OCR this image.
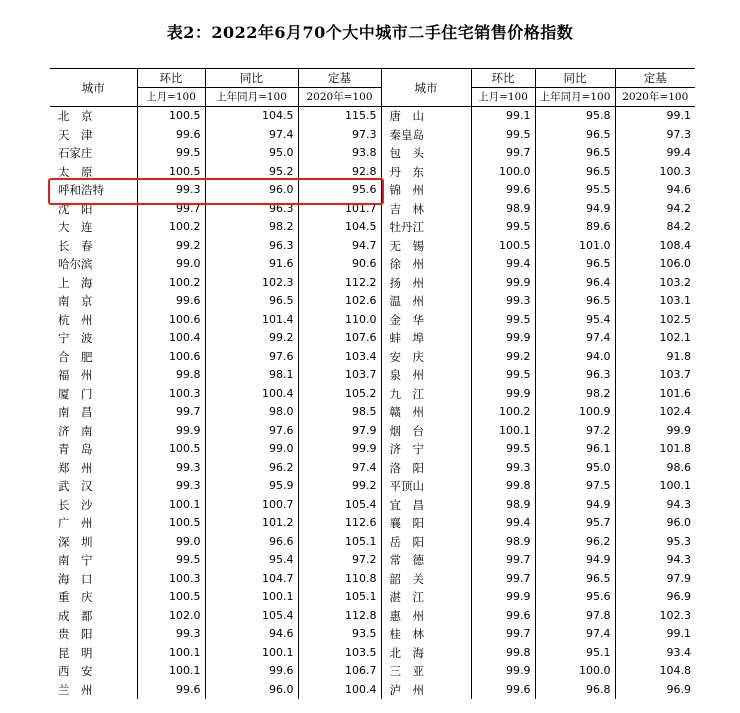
表2：2022年6月70个大中城市二手住宅销售价格指数
城市	环比	同比	定基	城市	环比	同比	定基
	上月=100	上年同月=100	2020年=100		上月=100	上年同月=100	2020年=100
北　京	100.5	104.5	115.5	唐　山	99.1	95.8	99.1
天　津	99.6	97.4	97.3	秦皇岛	99.5	96.5	97.3
石家庄	99.5	95.0	93.8	包　头	99.7	96.5	99.4
太　原	100.5	95.2	92.8	丹　东	100.0	96.5	100.3
呼和浩特	99.3	96.0	95.6	锦　州	99.6	95.5	94.6
沈　阳	99.7	96.3	101.7	吉　林	98.9	94.9	94.2
大　连	100.2	98.2	104.5	牡丹江	99.5	89.6	84.2
长　春	99.2	96.3	94.7	无　锡	100.5	101.0	108.4
哈尔滨	99.0	91.6	90.6	徐　州	99.4	96.5	106.0
上　海	100.2	102.3	112.2	扬　州	99.9	96.4	103.2
南　京	99.6	96.5	102.6	温　州	99.3	96.5	103.1
杭　州	100.6	101.4	110.0	金　华	99.5	95.4	102.5
宁　波	100.4	99.2	107.6	蚌　埠	99.9	97.4	102.1
合　肥	100.6	97.6	103.4	安　庆	99.2	94.0	91.8
福　州	99.8	98.1	103.7	泉　州	99.5	96.3	103.7
厦　门	100.3	100.4	105.2	九　江	99.9	98.2	101.6
南　昌	99.7	98.0	98.5	赣　州	100.2	100.9	102.4
济　南	99.9	97.6	97.9	烟　台	100.1	97.2	99.9
青　岛	100.5	99.0	99.9	济　宁	99.5	96.1	101.8
郑　州	99.3	96.2	97.4	洛　阳	99.3	95.0	98.6
武　汉	99.3	95.9	99.2	平顶山	99.8	97.5	100.1
长　沙	100.1	100.7	105.4	宜　昌	98.9	94.9	94.3
广　州	100.5	101.2	112.6	襄　阳	99.4	95.7	96.0
深　圳	99.0	96.6	105.1	岳　阳	98.9	96.2	95.3
南　宁	99.5	95.4	97.2	常　德	99.7	94.9	94.3
海　口	100.3	104.7	110.8	韶　关	99.7	96.5	97.9
重　庆	100.5	100.1	105.1	湛　江	99.9	95.6	96.9
成　都	102.0	105.4	112.8	惠　州	99.6	97.8	102.3
贵　阳	99.3	94.6	93.5	桂　林	99.7	97.4	99.1
昆　明	100.1	100.1	103.5	北　海	99.8	95.1	93.4
西　安	100.1	99.6	106.7	三　亚	99.9	100.0	104.8
兰　州	99.6	96.0	100.4	泸　州	99.6	96.8	96.9
